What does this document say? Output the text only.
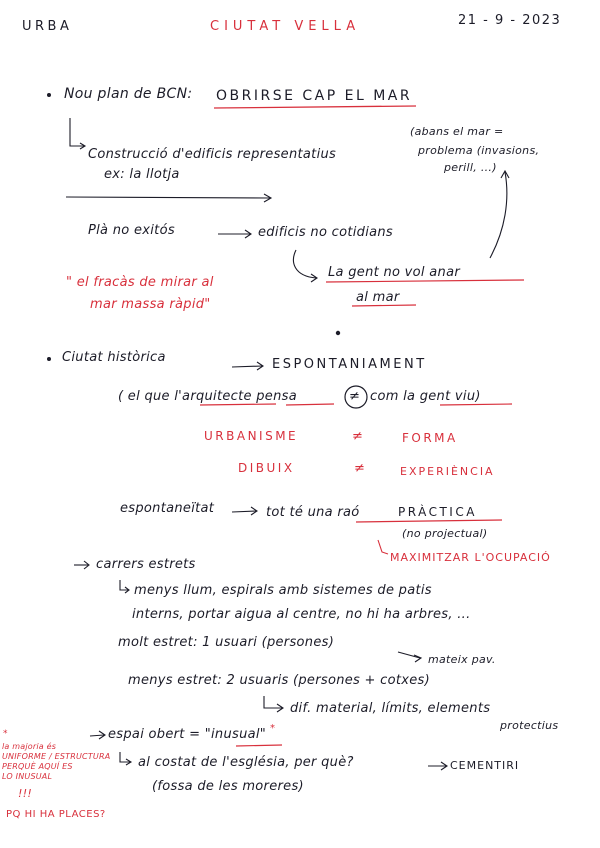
URBA	CIUTAT VELLA	21 - 9 - 2023
Nou plan de BCN: OBRIRSE CAP EL MAR
Construcció d'edificis representatius
ex: la llotja
(abans el mar =
problema (invasions,
perill, ...)
Plà no exitós	edificis no cotidians
La gent no vol anar
al mar
" el fracàs de mirar al
mar massa ràpid"
Ciutat històrica	ESPONTANIAMENT
( el que l'arquitecte pensa	≠ com la gent viu)
URBANISME	≠	FORMA
DIBUIX	≠	EXPERIÈNCIA
espontaneïtat	tot té una raó	PRÀCTICA
(no projectual)
MAXIMITZAR L'OCUPACIÓ
carrers estrets
menys llum, espirals amb sistemes de patis
interns, portar aigua al centre, no hi ha arbres, ...
molt estret: 1 usuari (persones)
mateix pav.
menys estret: 2 usuaris (persones + cotxes)
dif. material, límits, elements
protectius
espai obert = "inusual" *
al costat de l'església, per què?	CEMENTIRI
(fossa de les moreres)
*
la majoria és
UNIFORME / ESTRUCTURA
PERQUÈ AQUÍ ES
LO INUSUAL
!!!
PQ HI HA PLACES?
